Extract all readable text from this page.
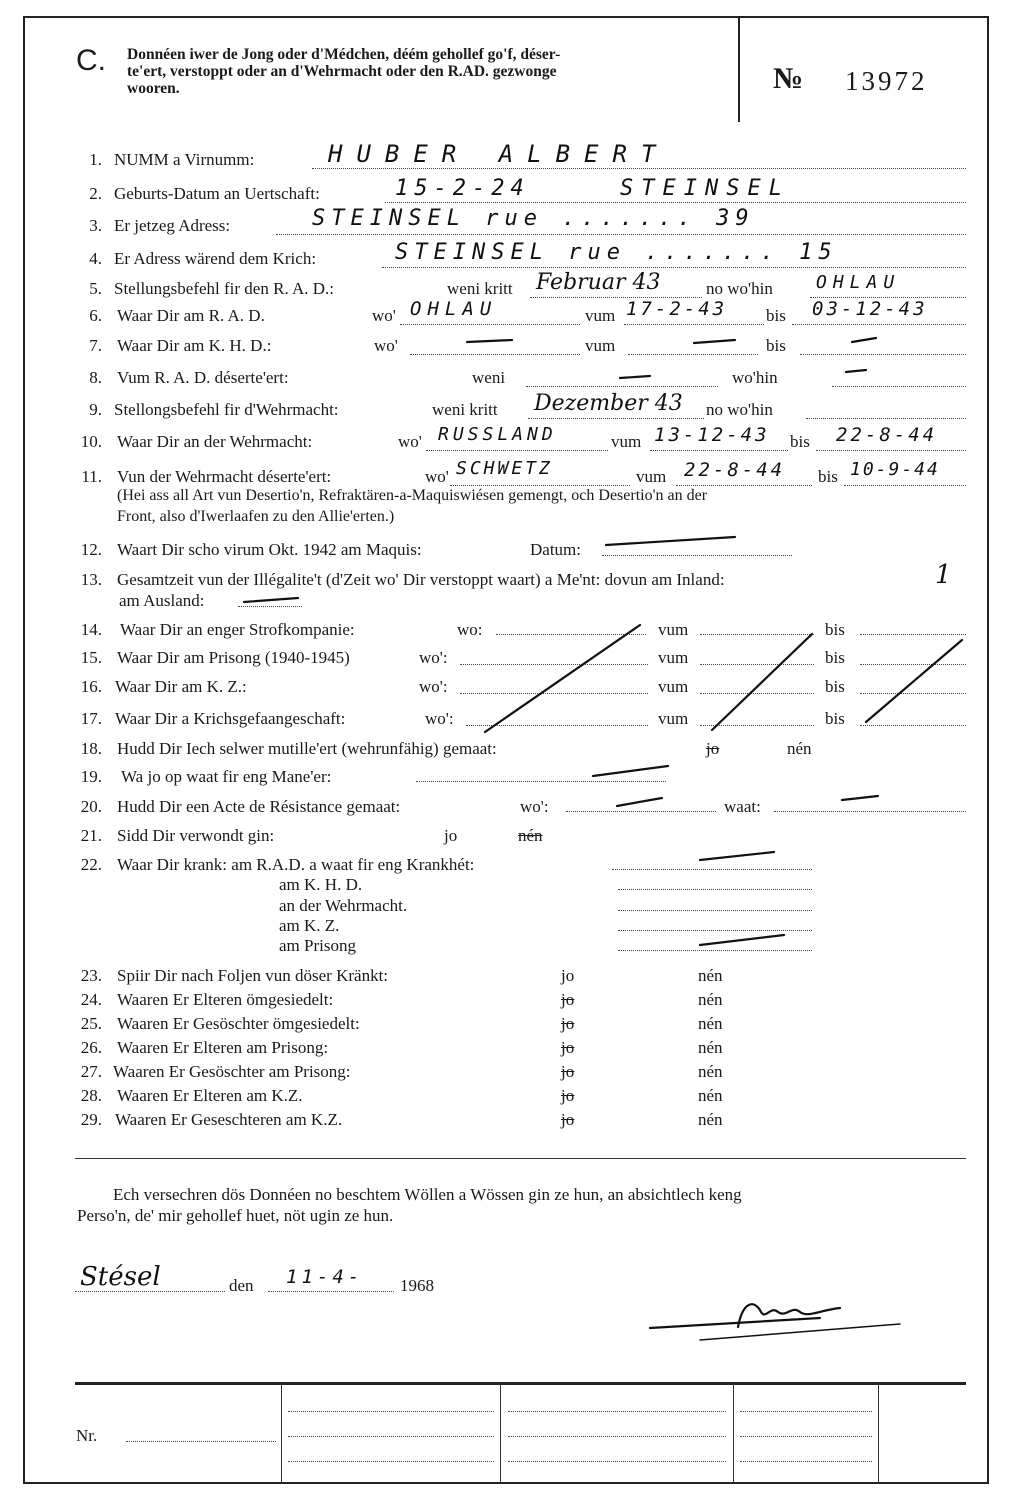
C. Donnéen iwer de Jong oder d'Médchen, déém gehollef go'f, déser-
te'ert, verstoppt oder an d'Wehrmacht oder den R.AD. gezwonge
wooren.	№ 13972
1. NUMM a Virnumm:	HUBER ALBERT
2. Geburts-Datum an Uertschaft:	15-2-24	STEINSEL
3. Er jetzeg Adress:	STEINSEL rue ....... 39
4. Er Adress wärend dem Krich:	STEINSEL rue ....... 15
5. Stellungsbefehl fir den R. A. D.:	weni kritt Februar 43	no wo'hin OHLAU
6. Waar Dir am R. A. D.	wo' OHLAU	vum 17-2-43 bis 03-12-43
7. Waar Dir am K. H. D.:	wo'	vum	bis
8. Vum R. A. D. déserte'ert:	weni	wo'hin
9. Stellongsbefehl fir d'Wehrmacht:	weni kritt Dezember 43 no wo'hin
10. Waar Dir an der Wehrmacht:	wo' RUSSLAND	vum 13-12-43 bis 22-8-44
11. Vun der Wehrmacht déserte'ert:	wo' SCHWETZ	vum 22-8-44 bis 10-9-44
(Hei ass all Art vun Desertio'n, Refraktären-a-Maquiswiésen gemengt, och Desertio'n an der
Front, also d'Iwerlaafen zu den Allie'erten.)
12. Waart Dir scho virum Okt. 1942 am Maquis:	Datum:
13. Gesamtzeit vun der Illégalite't (d'Zeit wo' Dir verstoppt waart) a Me'nt: dovun am Inland:	1
am Ausland:
14. Waar Dir an enger Strofkompanie:	wo:	vum	bis
15. Waar Dir am Prisong (1940-1945)	wo':	vum	bis
16. Waar Dir am K. Z.:	wo':	vum	bis
17. Waar Dir a Krichsgefaangeschaft:	wo':	vum	bis
18. Hudd Dir Iech selwer mutille'ert (wehrunfähig) gemaat:	jo	nén
19. Wa jo op waat fir eng Mane'er:
20. Hudd Dir een Acte de Résistance gemaat:	wo':	waat:
21. Sidd Dir verwondt gin:	jo	nén
22. Waar Dir krank: am R.A.D. a waat fir eng Krankhét:
am K. H. D.
an der Wehrmacht.
am K. Z.
am Prisong
23. Spiir Dir nach Foljen vun döser Kränkt:	jo	nén
24. Waaren Er Elteren ömgesiedelt:	jo	nén
25. Waaren Er Gesöschter ömgesiedelt:	jo	nén
26. Waaren Er Elteren am Prisong:	jo	nén
27. Waaren Er Gesöschter am Prisong:	jo	nén
28. Waaren Er Elteren am K.Z.	jo	nén
29. Waaren Er Geseschteren am K.Z.	jo	nén
Ech versechren dös Donnéen no beschtem Wöllen a Wössen gin ze hun, an absichtlech keng
Perso'n, de' mir gehollef huet, nöt ugin ze hun.
Stésel	den 11-4- 1968
Nr.
